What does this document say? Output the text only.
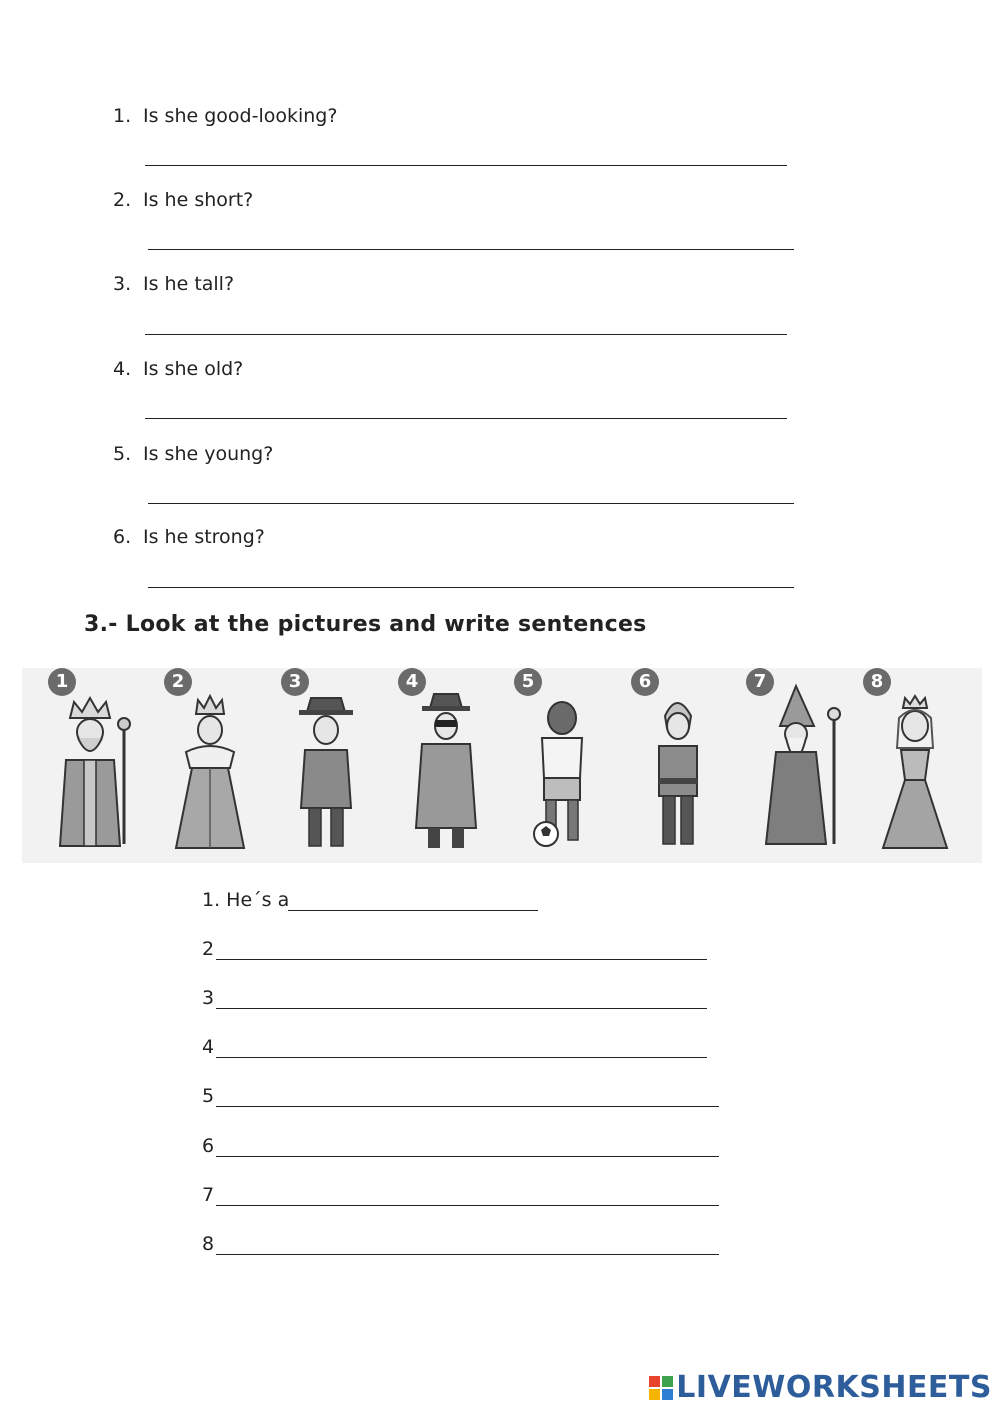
1. Is she good-looking?
2. Is he short?
3. Is he tall?
4. Is she old?
5. Is she young?
6. Is he strong?
3.- Look at the pictures and write sentences
1	2	3	4	5	6	7	8
1. He´s a
2
3
4
5
6
7
8
LIVEWORKSHEETS
